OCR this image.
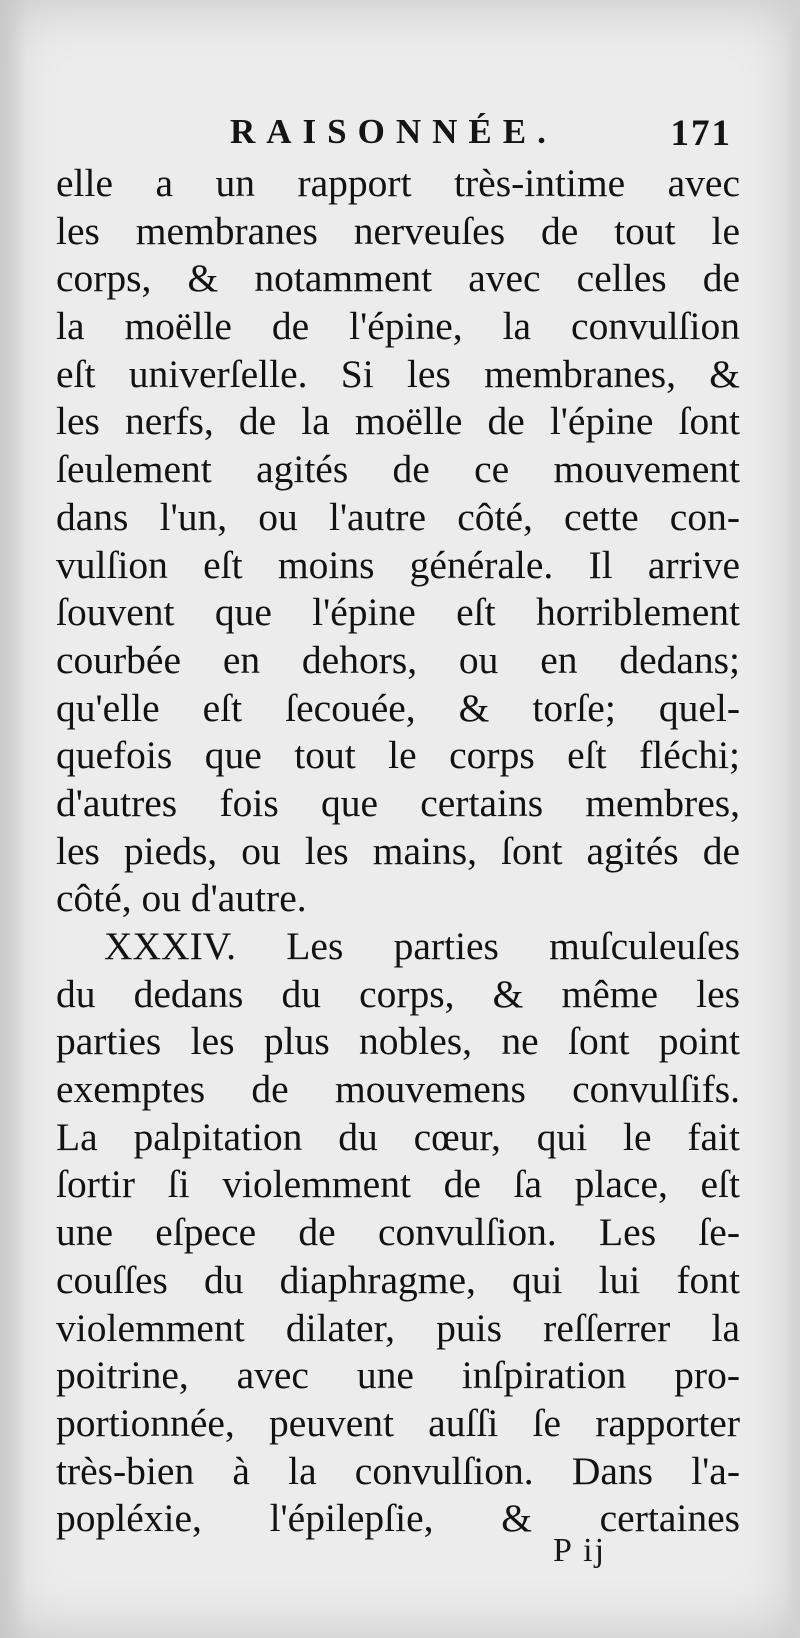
RAISONNÉE.	171
elle a un rapport très-intime avec
les membranes nerveuſes de tout le
corps, & notamment avec celles de
la moëlle de l'épine, la convulſion
eſt univerſelle. Si les membranes, &
les nerfs, de la moëlle de l'épine ſont
ſeulement agités de ce mouvement
dans l'un, ou l'autre côté, cette con-
vulſion eſt moins générale. Il arrive
ſouvent que l'épine eſt horriblement
courbée en dehors, ou en dedans;
qu'elle eſt ſecouée, & torſe; quel-
quefois que tout le corps eſt fléchi;
d'autres fois que certains membres,
les pieds, ou les mains, ſont agités de
côté, ou d'autre.
XXXIV. Les parties muſculeuſes
du dedans du corps, & même les
parties les plus nobles, ne ſont point
exemptes de mouvemens convulſifs.
La palpitation du cœur, qui le fait
ſortir ſi violemment de ſa place, eſt
une eſpece de convulſion. Les ſe-
couſſes du diaphragme, qui lui font
violemment dilater, puis reſſerrer la
poitrine, avec une inſpiration pro-
portionnée, peuvent auſſi ſe rapporter
très-bien à la convulſion. Dans l'a-
popléxie, l'épilepſie, & certaines
P ij
